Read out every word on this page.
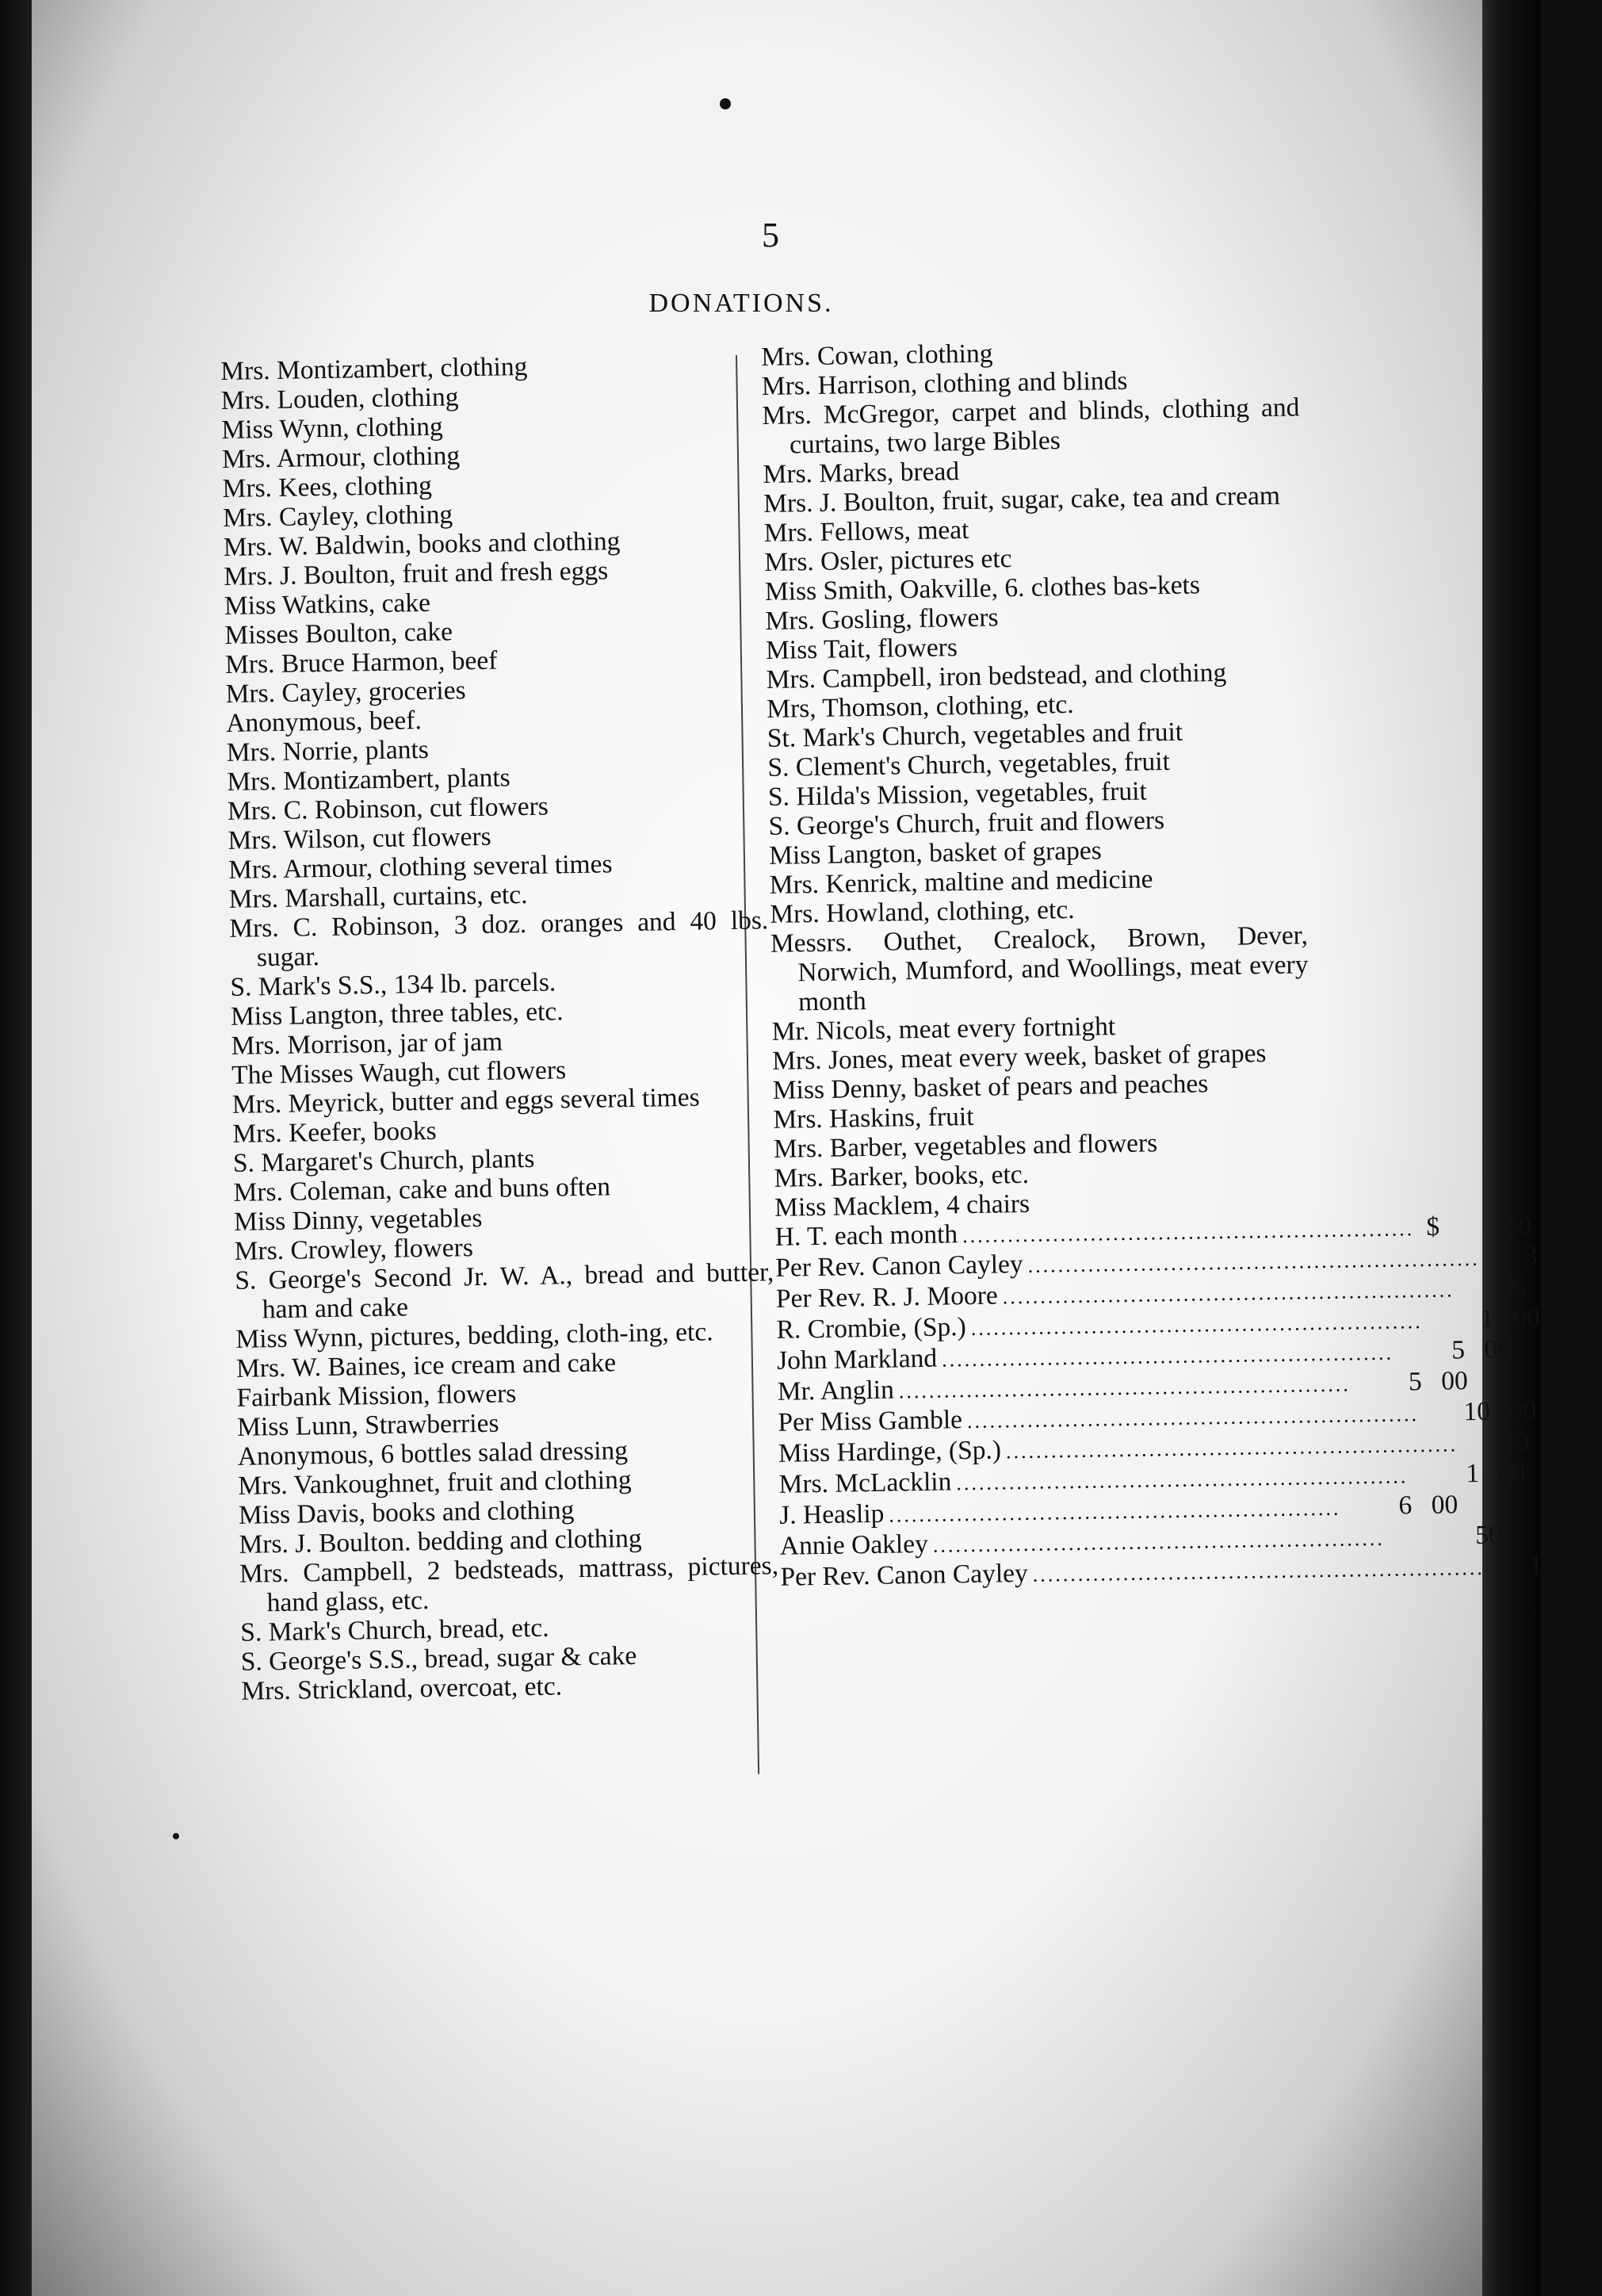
5
DONATIONS.
Mrs. Montizambert, clothing
Mrs. Louden, clothing
Miss Wynn, clothing
Mrs. Armour, clothing
Mrs. Kees, clothing
Mrs. Cayley, clothing
Mrs. W. Baldwin, books and clothing
Mrs. J. Boulton, fruit and fresh eggs
Miss Watkins, cake
Misses Boulton, cake
Mrs. Bruce Harmon, beef
Mrs. Cayley, groceries
Anonymous, beef.
Mrs. Norrie, plants
Mrs. Montizambert, plants
Mrs. C. Robinson, cut flowers
Mrs. Wilson, cut flowers
Mrs. Armour, clothing several times
Mrs. Marshall, curtains, etc.
Mrs. C. Robinson, 3 doz. oranges and 40 lbs. sugar.
S. Mark's S.S., 134 lb. parcels.
Miss Langton, three tables, etc.
Mrs. Morrison, jar of jam
The Misses Waugh, cut flowers
Mrs. Meyrick, butter and eggs several times
Mrs. Keefer, books
S. Margaret's Church, plants
Mrs. Coleman, cake and buns often
Miss Dinny, vegetables
Mrs. Crowley, flowers
S. George's Second Jr. W. A., bread and butter, ham and cake
Miss Wynn, pictures, bedding, cloth-ing, etc.
Mrs. W. Baines, ice cream and cake
Fairbank Mission, flowers
Miss Lunn, Strawberries
Anonymous, 6 bottles salad dressing
Mrs. Vankoughnet, fruit and clothing
Miss Davis, books and clothing
Mrs. J. Boulton. bedding and clothing
Mrs. Campbell, 2 bedsteads, mattrass, pictures, hand glass, etc.
S. Mark's Church, bread, etc.
S. George's S.S., bread, sugar & cake
Mrs. Strickland, overcoat, etc.
Mrs. Cowan, clothing
Mrs. Harrison, clothing and blinds
Mrs. McGregor, carpet and blinds, clothing and curtains, two large Bibles
Mrs. Marks, bread
Mrs. J. Boulton, fruit, sugar, cake, tea and cream
Mrs. Fellows, meat
Mrs. Osler, pictures etc
Miss Smith, Oakville, 6. clothes bas-kets
Mrs. Gosling, flowers
Miss Tait, flowers
Mrs. Campbell, iron bedstead, and clothing
Mrs, Thomson, clothing, etc.
St. Mark's Church, vegetables and fruit
S. Clement's Church, vegetables, fruit
S. Hilda's Mission, vegetables, fruit
S. George's Church, fruit and flowers
Miss Langton, basket of grapes
Mrs. Kenrick, maltine and medicine
Mrs. Howland, clothing, etc.
Messrs. Outhet, Crealock, Brown, Dever, Norwich, Mumford, and Woollings, meat every month
Mr. Nicols, meat every fortnight
Mrs. Jones, meat every week, basket of grapes
Miss Denny, basket of pears and peaches
Mrs. Haskins, fruit
Mrs. Barber, vegetables and flowers
Mrs. Barker, books, etc.
Miss Macklem, 4 chairs
H. T. each month ............................................................ $	50
Per Rev. Canon Cayley ............................................................	31 45
Per Rev. R. J. Moore ............................................................	26 13
R. Crombie, (Sp.) ............................................................	1 00
John Markland ............................................................	5 00
Mr. Anglin ............................................................	5 00
Per Miss Gamble ............................................................	10 00
Miss Hardinge, (Sp.) ............................................................	10 00
Mrs. McLacklin ............................................................	1 00
J. Heaslip ............................................................	6 00
Annie Oakley ............................................................	50
Per Rev. Canon Cayley ............................................................	10 50
